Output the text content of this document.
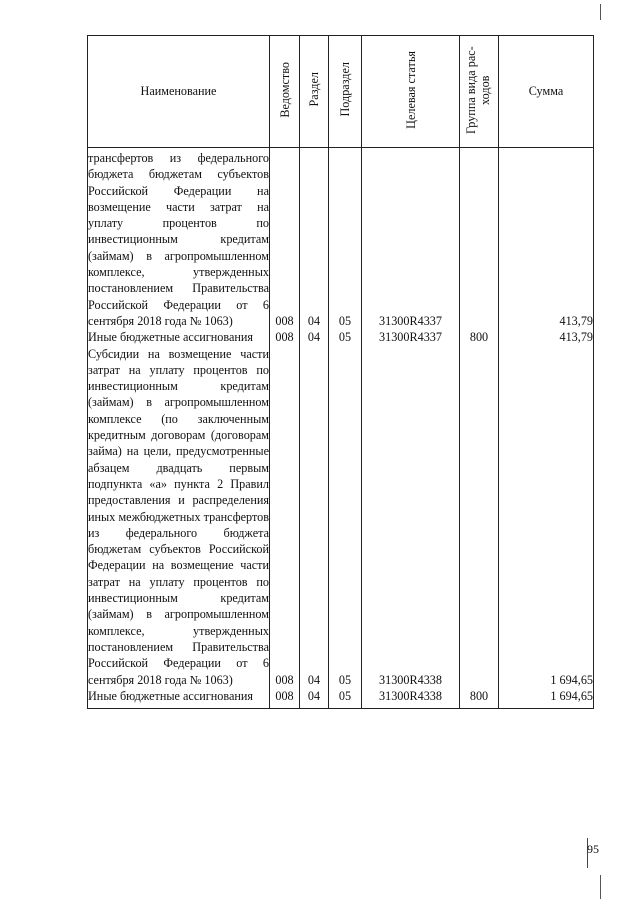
Наименование	Ведомство	Раздел	Подраздел	Целевая статья	Группа вида рас-ходов	Сумма
трансфертов из федерального бюджета бюджетам субъектов Российской Федерации на возмещение части затрат на уплату процентов по инвестиционным кредитам (займам) в агропромышленном комплексе, утвержденных постановлением Правительства Российской Федерации от 6 сентября 2018 года № 1063)	008	04	05	31300R4337		413,79
Иные бюджетные ассигнования	008	04	05	31300R4337	800	413,79
Субсидии на возмещение части затрат на уплату процентов по инвестиционным кредитам (займам) в агропромышленном комплексе (по заключенным кредитным договорам (договорам займа) на цели, предусмотренные абзацем двадцать первым подпункта «а» пункта 2 Правил предоставления и распределения иных межбюджетных трансфертов из федерального бюджета бюджетам субъектов Российской Федерации на возмещение части затрат на уплату процентов по инвестиционным кредитам (займам) в агропромышленном комплексе, утвержденных постановлением Правительства Российской Федерации от 6 сентября 2018 года № 1063)	008	04	05	31300R4338		1 694,65
Иные бюджетные ассигнования	008	04	05	31300R4338	800	1 694,65
95
